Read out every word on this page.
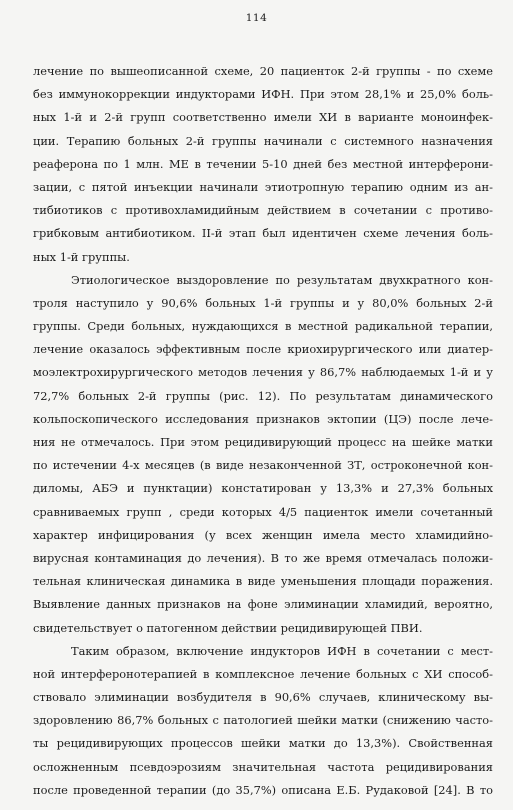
114
лечение по вышеописанной схеме, 20 пациенток 2-й группы - по схеме
без иммунокоррекции индукторами ИФН. При этом 28,1% и 25,0% боль-
ных 1-й и 2-й групп соответственно имели ХИ в варианте моноинфек-
ции. Терапию больных 2-й группы начинали с системного назначения
реаферона по 1 млн. МЕ в течении 5-10 дней без местной интерферони-
зации, с пятой инъекции начинали этиотропную терапию одним из ан-
тибиотиков с противохламидийным действием в сочетании с противо-
грибковым антибиотиком. II-й этап был идентичен схеме лечения боль-
ных 1-й группы.
Этиологическое выздоровление по результатам двухкратного кон-
троля наступило у 90,6% больных 1-й группы и у 80,0% больных 2-й
группы. Среди больных, нуждающихся в местной радикальной терапии,
лечение оказалось эффективным после криохирургического или диатер-
моэлектрохирургического методов лечения у 86,7% наблюдаемых 1-й и у
72,7% больных 2-й группы (рис. 12). По результатам динамического
кольпоскопического исследования признаков эктопии (ЦЭ) после лече-
ния не отмечалось. При этом рецидивирующий процесс на шейке матки
по истечении 4-х месяцев (в виде незаконченной ЗТ, остроконечной кон-
диломы, АБЭ и пунктации) констатирован у 13,3% и 27,3% больных
сравниваемых групп , среди которых 4/5 пациенток имели сочетанный
характер инфицирования (у всех женщин имела место хламидийно-
вирусная контаминация до лечения). В то же время отмечалась положи-
тельная клиническая динамика в виде уменьшения площади поражения.
Выявление данных признаков на фоне элиминации хламидий, вероятно,
свидетельствует о патогенном действии рецидивирующей ПВИ.
Таким образом, включение индукторов ИФН в сочетании с мест-
ной интерферонотерапией в комплексное лечение больных с ХИ способ-
ствовало элиминации возбудителя в 90,6% случаев, клиническому вы-
здоровлению 86,7% больных с патологией шейки матки (снижению часто-
ты рецидивирующих процессов шейки матки до 13,3%). Свойственная
осложненным псевдоэрозиям значительная частота рецидивирования
после проведенной терапии (до 35,7%) описана Е.Б. Рудаковой [24]. В то
